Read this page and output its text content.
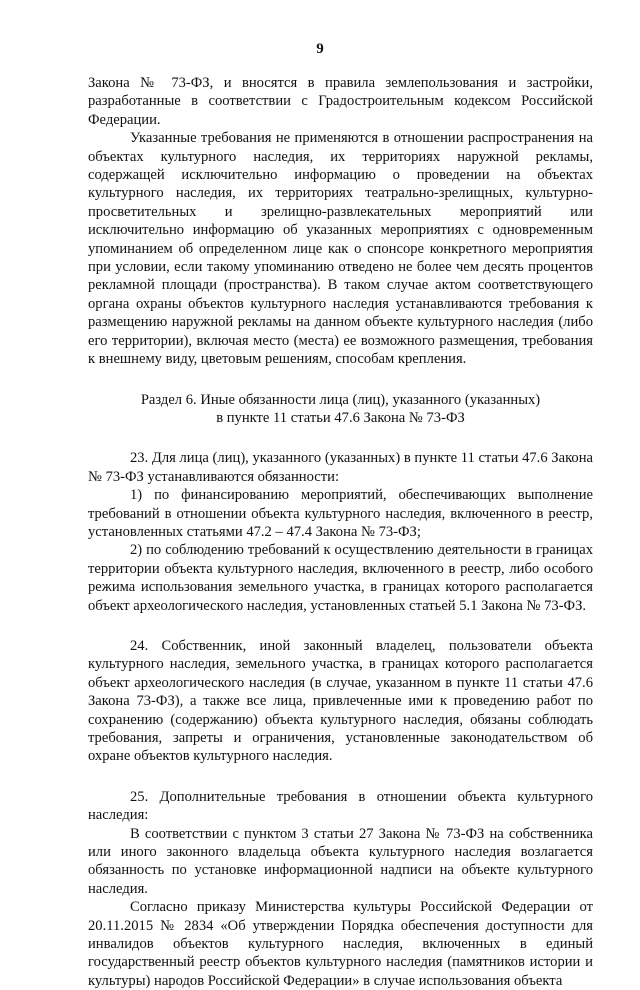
9

Закона № 73-ФЗ, и вносятся в правила землепользования и застройки, разработанные в соответствии с Градостроительным кодексом Российской Федерации.

Указанные требования не применяются в отношении распространения на объектах культурного наследия, их территориях наружной рекламы, содержащей исключительно информацию о проведении на объектах культурного наследия, их территориях театрально-зрелищных, культурно-просветительных и зрелищно-развлекательных мероприятий или исключительно информацию об указанных мероприятиях с одновременным упоминанием об определенном лице как о спонсоре конкретного мероприятия при условии, если такому упоминанию отведено не более чем десять процентов рекламной площади (пространства). В таком случае актом соответствующего органа охраны объектов культурного наследия устанавливаются требования к размещению наружной рекламы на данном объекте культурного наследия (либо его территории), включая место (места) ее возможного размещения, требования к внешнему виду, цветовым решениям, способам крепления.

Раздел 6. Иные обязанности лица (лиц), указанного (указанных)

в пункте 11 статьи 47.6 Закона № 73-ФЗ

23. Для лица (лиц), указанного (указанных) в пункте 11 статьи 47.6 Закона № 73-ФЗ устанавливаются обязанности:

1) по финансированию мероприятий, обеспечивающих выполнение требований в отношении объекта культурного наследия, включенного в реестр, установленных статьями 47.2 – 47.4 Закона № 73-ФЗ;

2) по соблюдению требований к осуществлению деятельности в границах территории объекта культурного наследия, включенного в реестр, либо особого режима использования земельного участка, в границах которого располагается объект археологического наследия, установленных статьей 5.1 Закона № 73-ФЗ.

24. Собственник, иной законный владелец, пользователи объекта культурного наследия, земельного участка, в границах которого располагается объект археологического наследия (в случае, указанном в пункте 11 статьи 47.6 Закона 73-ФЗ), а также все лица, привлеченные ими к проведению работ по сохранению (содержанию) объекта культурного наследия, обязаны соблюдать требования, запреты и ограничения, установленные законодательством об охране объектов культурного наследия.

25. Дополнительные требования в отношении объекта культурного наследия:

В соответствии с пунктом 3 статьи 27 Закона № 73-ФЗ на собственника или иного законного владельца объекта культурного наследия возлагается обязанность по установке информационной надписи на объекте культурного наследия.

Согласно приказу Министерства культуры Российской Федерации от 20.11.2015 № 2834 «Об утверждении Порядка обеспечения доступности для инвалидов объектов культурного наследия, включенных в единый государственный реестр объектов культурного наследия (памятников истории и культуры) народов Российской Федерации» в случае использования объекта
